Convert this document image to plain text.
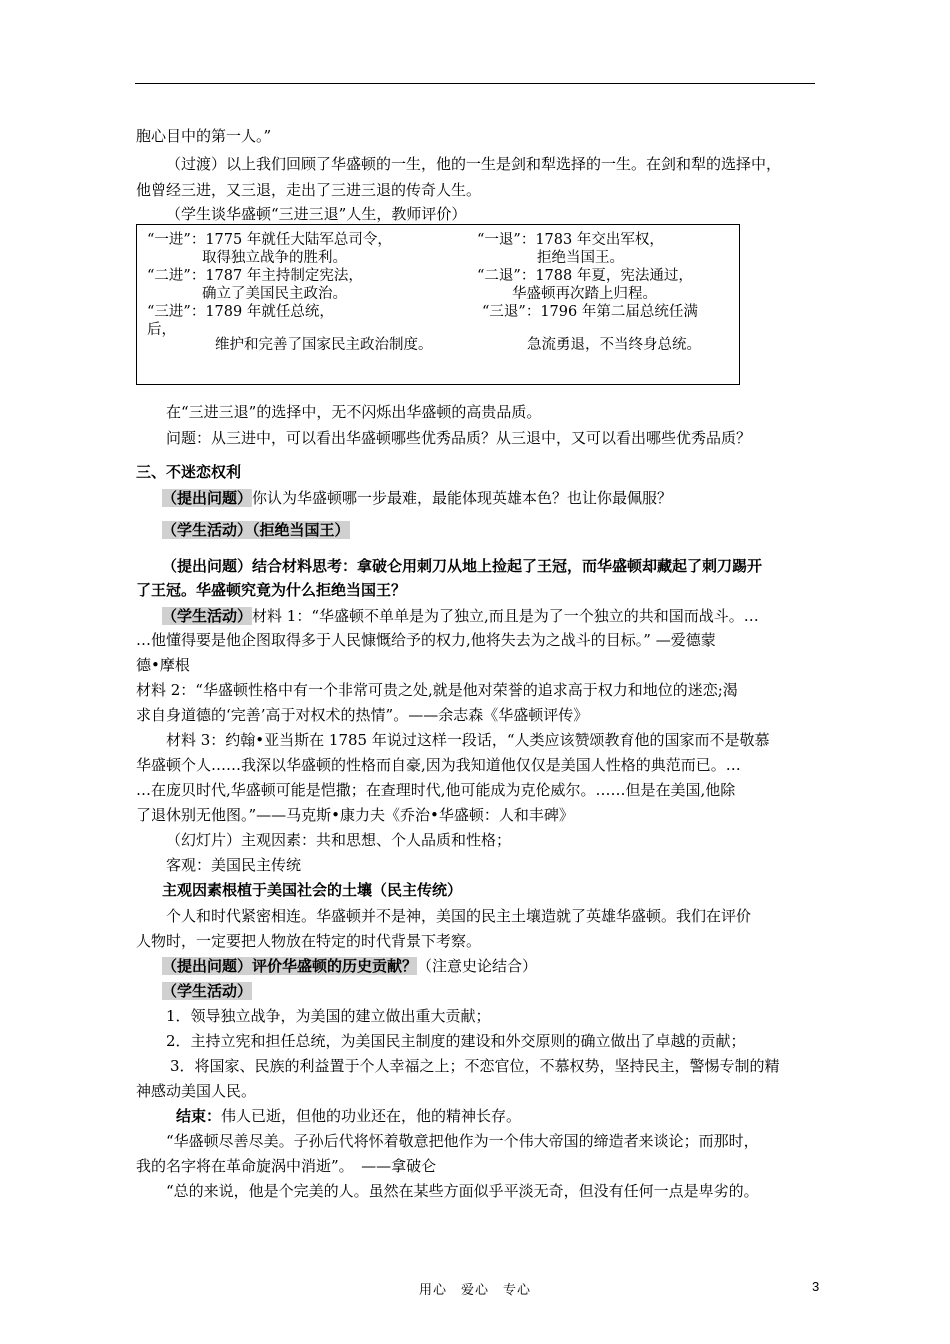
胞心目中的第一人。”
（过渡）以上我们回顾了华盛顿的一生，他的一生是剑和犁选择的一生。在剑和犁的选择中，
他曾经三进，又三退，走出了三进三退的传奇人生。
（学生谈华盛顿“三进三退”人生，教师评价）
“一进”：1775 年就任大陆军总司令，
取得独立战争的胜利。
“二进”：1787 年主持制定宪法，
确立了美国民主政治。
“三进”：1789 年就任总统，
后，
维护和完善了国家民主政治制度。
“一退”：1783 年交出军权，
拒绝当国王。
“二退”：1788 年夏，宪法通过，
华盛顿再次踏上归程。
“三退”：1796 年第二届总统任满
急流勇退，不当终身总统。
在“三进三退”的选择中，无不闪烁出华盛顿的高贵品质。
问题：从三进中，可以看出华盛顿哪些优秀品质？从三退中，又可以看出哪些优秀品质？
三、不迷恋权利
（提出问题）你认为华盛顿哪一步最难，最能体现英雄本色？也让你最佩服？
（学生活动）（拒绝当国王）
（提出问题）结合材料思考：拿破仑用刺刀从地上捡起了王冠，而华盛顿却藏起了刺刀踢开
了王冠。华盛顿究竟为什么拒绝当国王？
（学生活动）材料 1：“华盛顿不单单是为了独立,而且是为了一个独立的共和国而战斗。…
…他懂得要是他企图取得多于人民慷慨给予的权力,他将失去为之战斗的目标。” —爱德蒙
德•摩根
材料 2：“华盛顿性格中有一个非常可贵之处,就是他对荣誉的追求高于权力和地位的迷恋;渴
求自身道德的‘完善’高于对权术的热情”。——余志森《华盛顿评传》
材料 3：约翰•亚当斯在 1785 年说过这样一段话，“人类应该赞颂教育他的国家而不是敬慕
华盛顿个人……我深以华盛顿的性格而自豪,因为我知道他仅仅是美国人性格的典范而已。…
…在庞贝时代,华盛顿可能是恺撒；在查理时代,他可能成为克伦威尔。……但是在美国,他除
了退休别无他图。”——马克斯•康力夫《乔治•华盛顿：人和丰碑》
（幻灯片）主观因素：共和思想、个人品质和性格；
客观：美国民主传统
主观因素根植于美国社会的土壤（民主传统）
个人和时代紧密相连。华盛顿并不是神，美国的民主土壤造就了英雄华盛顿。我们在评价
人物时，一定要把人物放在特定的时代背景下考察。
（提出问题）评价华盛顿的历史贡献？（注意史论结合）
（学生活动）
1．领导独立战争，为美国的建立做出重大贡献；
2．主持立宪和担任总统，为美国民主制度的建设和外交原则的确立做出了卓越的贡献；
3．将国家、民族的利益置于个人幸福之上；不恋官位，不慕权势，坚持民主，警惕专制的精
神感动美国人民。
结束：伟人已逝，但他的功业还在，他的精神长存。
“华盛顿尽善尽美。子孙后代将怀着敬意把他作为一个伟大帝国的缔造者来谈论；而那时，
我的名字将在革命旋涡中消逝”。　——拿破仑
“总的来说，他是个完美的人。虽然在某些方面似乎平淡无奇，但没有任何一点是卑劣的。
用心　爱心　专心	3
